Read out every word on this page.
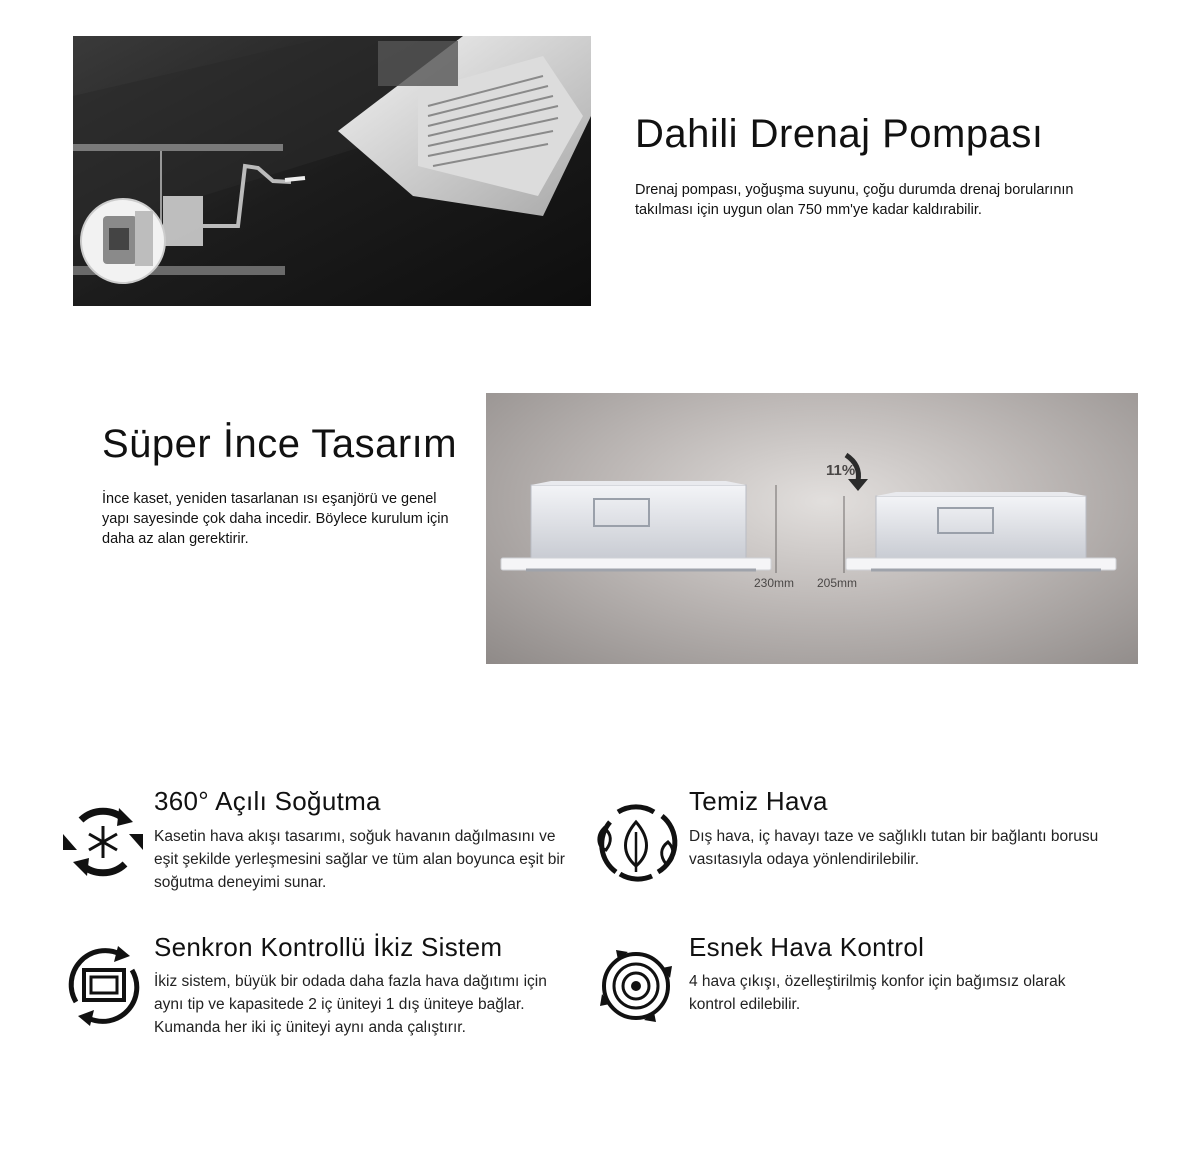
Dahili Drenaj Pompası

Drenaj pompası, yoğuşma suyunu, çoğu durumda drenaj borularının takılması için uygun olan 750 mm'ye kadar kaldırabilir.

Süper İnce Tasarım

İnce kaset, yeniden tasarlanan ısı eşanjörü ve genel yapı sayesinde çok daha incedir. Böylece kurulum için daha az alan gerektirir.

11%
230mm 205mm
360° Açılı Soğutma

Kasetin hava akışı tasarımı, soğuk havanın dağılmasını ve eşit şekilde yerleşmesini sağlar ve tüm alan boyunca eşit bir soğutma deneyimi sunar.

Temiz Hava

Dış hava, iç havayı taze ve sağlıklı tutan bir bağlantı borusu vasıtasıyla odaya yönlendirilebilir.

Senkron Kontrollü İkiz Sistem

İkiz sistem, büyük bir odada daha fazla hava dağıtımı için aynı tip ve kapasitede 2 iç üniteyi 1 dış üniteye bağlar. Kumanda her iki iç üniteyi aynı anda çalıştırır.

Esnek Hava Kontrol

4 hava çıkışı, özelleştirilmiş konfor için bağımsız olarak kontrol edilebilir.
